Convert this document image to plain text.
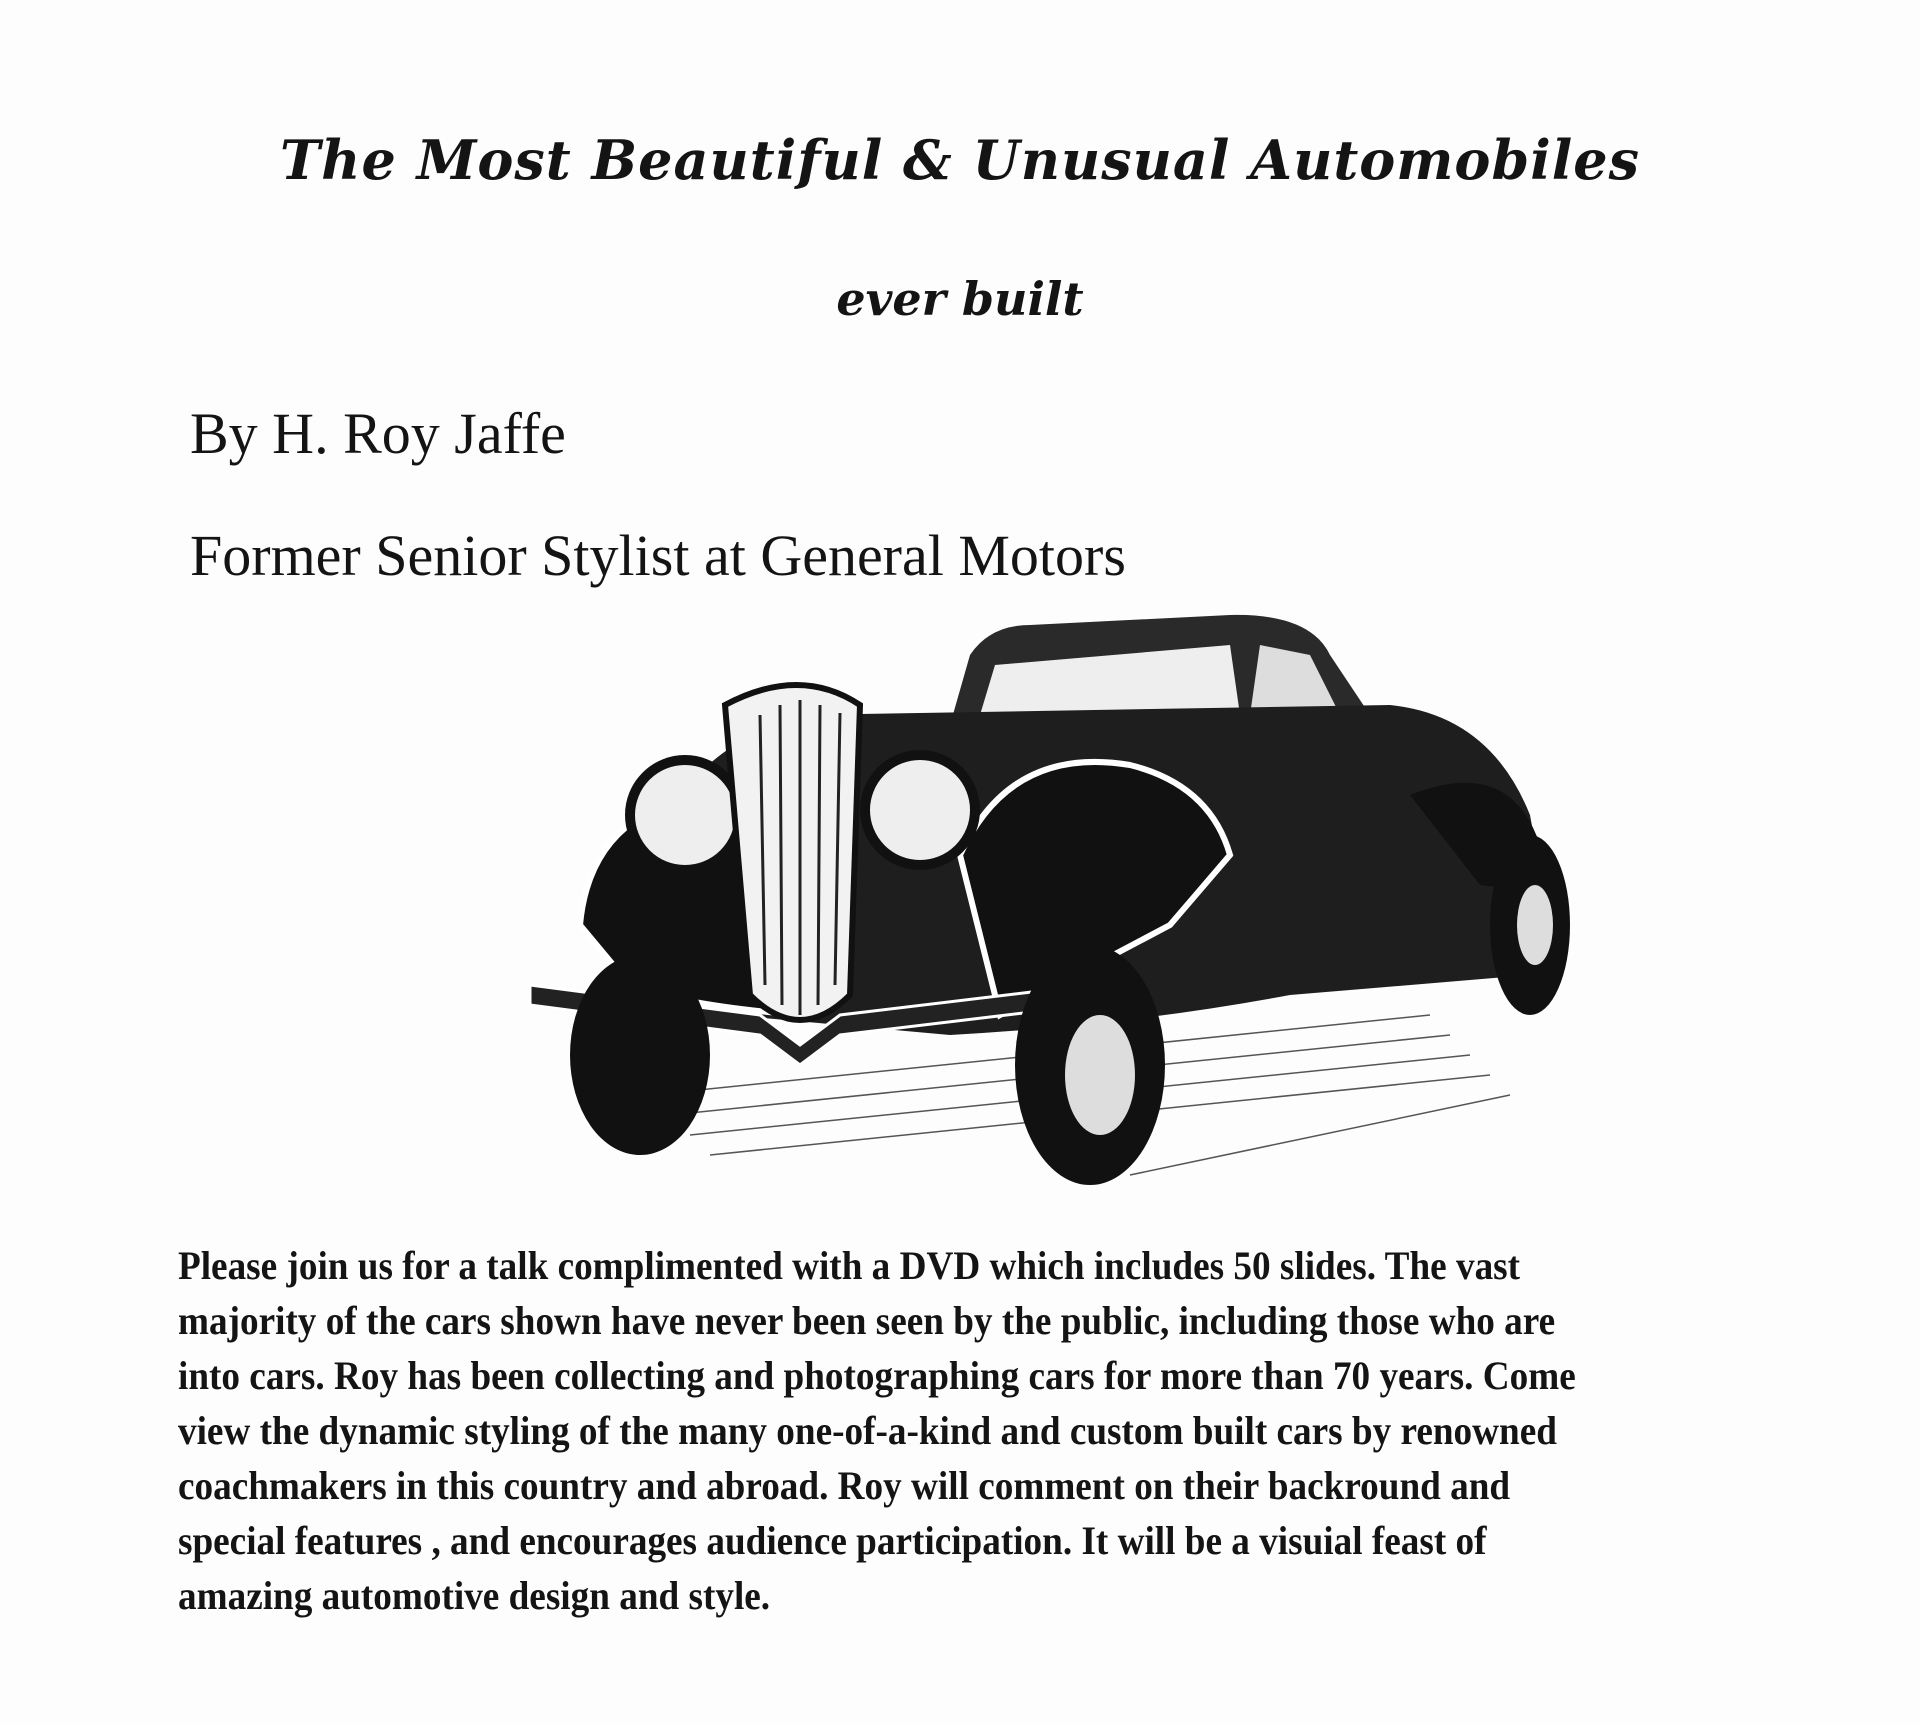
The Most Beautiful & Unusual Automobiles
ever built
By H. Roy Jaffe
Former Senior Stylist at General Motors
Please join us for a talk complimented with a DVD which includes 50 slides. The vast majority of the cars shown have never been seen by the public, including those who are into cars. Roy has been collecting and photographing cars for more than 70 years. Come view the dynamic styling of the many one-of-a-kind and custom built cars by renowned coachmakers in this country and abroad. Roy will comment on their backround and special features , and encourages audience participation. It will be a visuial feast of amazing automotive design and style.
